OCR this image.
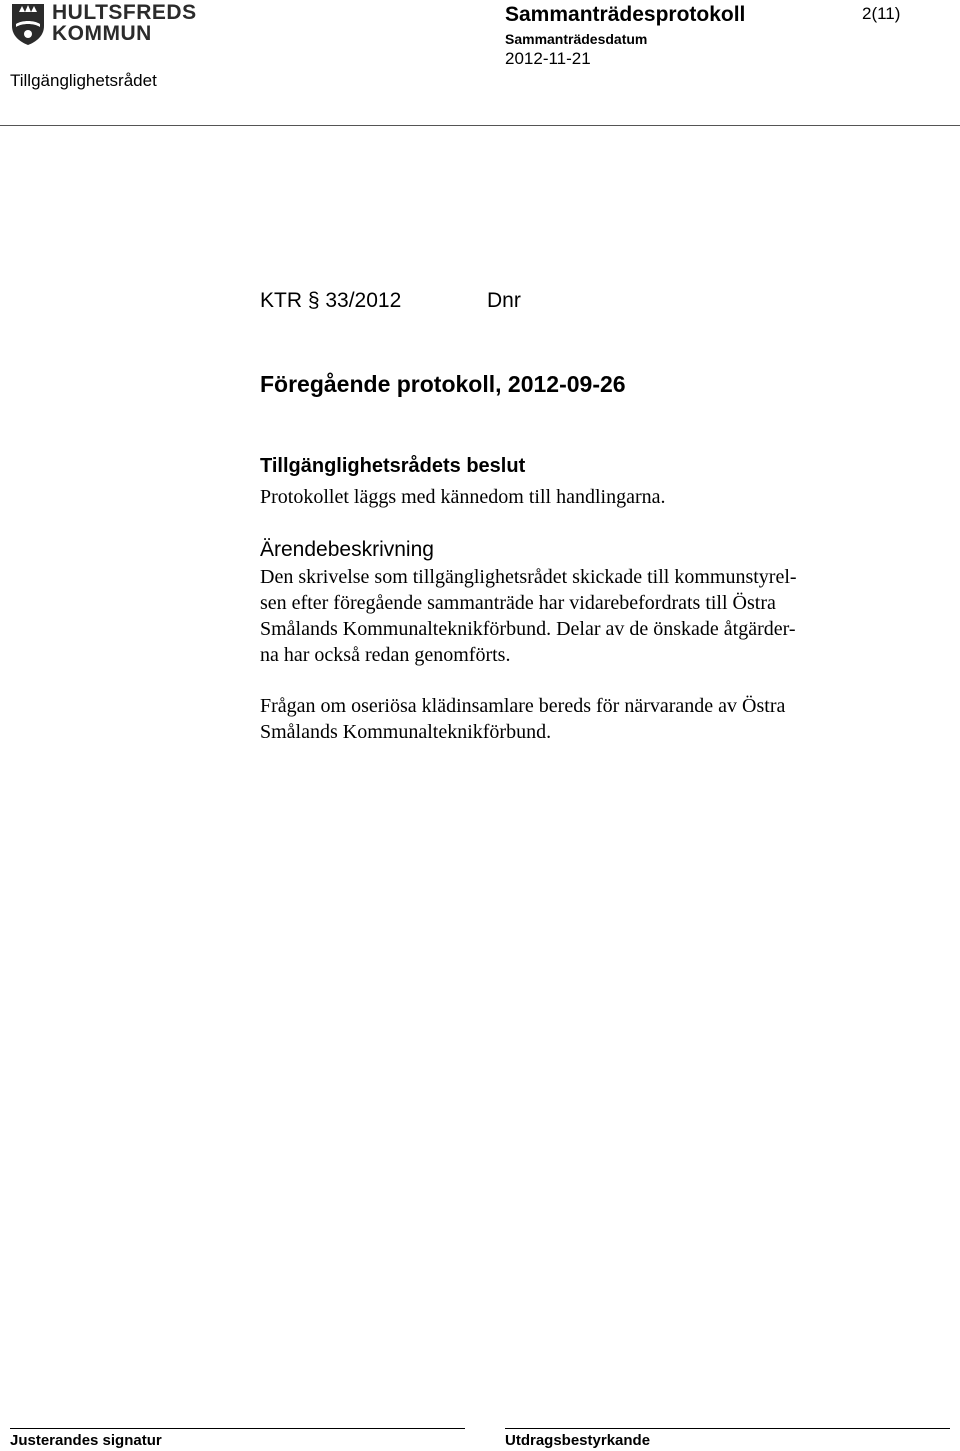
HULTSFREDS
KOMMUN
Tillgänglighetsrådet
Sammanträdesprotokoll
Sammanträdesdatum
2012-11-21
2(11)
KTR § 33/2012	Dnr
Föregående protokoll, 2012-09-26
Tillgänglighetsrådets beslut
Protokollet läggs med kännedom till handlingarna.
Ärendebeskrivning
Den skrivelse som tillgänglighetsrådet skickade till kommunstyrel-
sen efter föregående sammanträde har vidarebefordrats till Östra
Smålands Kommunalteknikförbund. Delar av de önskade åtgärder-
na har också redan genomförts.
Frågan om oseriösa klädinsamlare bereds för närvarande av Östra
Smålands Kommunalteknikförbund.
Justerandes signatur	Utdragsbestyrkande
